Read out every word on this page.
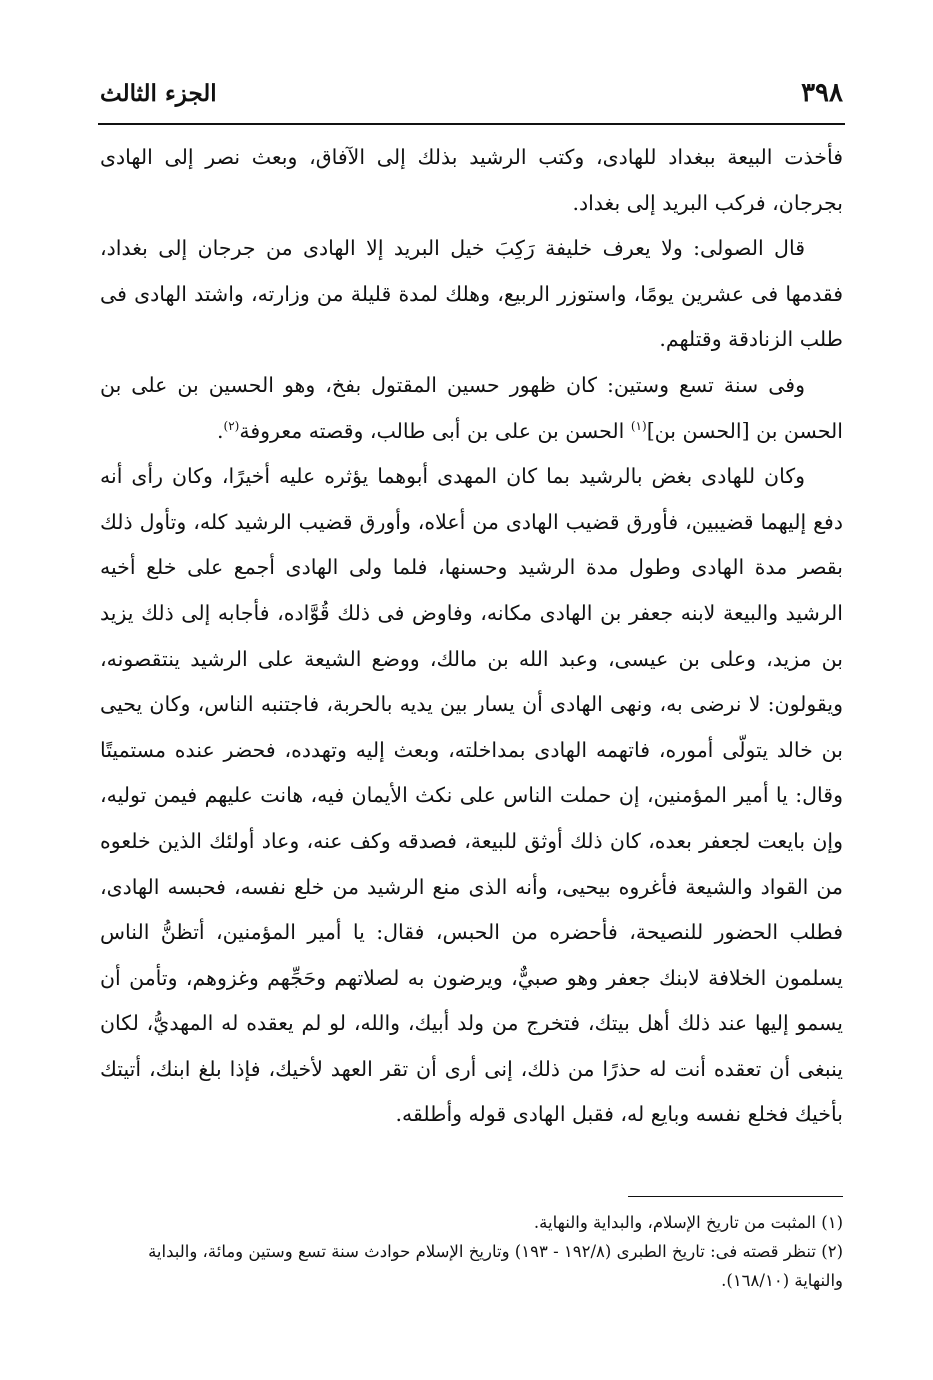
٣٩٨
الجزء الثالث

فأخذت البيعة ببغداد للهادى، وكتب الرشيد بذلك إلى الآفاق، وبعث نصر إلى الهادى بجرجان، فركب البريد إلى بغداد.

قال الصولى: ولا يعرف خليفة رَكِبَ خيل البريد إلا الهادى من جرجان إلى بغداد، فقدمها فى عشرين يومًا، واستوزر الربيع، وهلك لمدة قليلة من وزارته، واشتد الهادى فى طلب الزنادقة وقتلهم.

وفى سنة تسع وستين: كان ظهور حسين المقتول بفخ، وهو الحسين بن على بن الحسن بن [الحسن بن]$^{(١)}$ الحسن بن على بن أبى طالب، وقصته معروفة$^{(٢)}$.

وكان للهادى بغض بالرشيد بما كان المهدى أبوهما يؤثره عليه أخيرًا، وكان رأى أنه دفع إليهما قضيبين، فأورق قضيب الهادى من أعلاه، وأورق قضيب الرشيد كله، وتأول ذلك بقصر مدة الهادى وطول مدة الرشيد وحسنها، فلما ولى الهادى أجمع على خلع أخيه الرشيد والبيعة لابنه جعفر بن الهادى مكانه، وفاوض فى ذلك قُوَّاده، فأجابه إلى ذلك يزيد بن مزيد، وعلى بن عيسى، وعبد الله بن مالك، ووضع الشيعة على الرشيد ينتقصونه، ويقولون: لا نرضى به، ونهى الهادى أن يسار بين يديه بالحربة، فاجتنبه الناس، وكان يحيى بن خالد يتولّى أموره، فاتهمه الهادى بمداخلته، وبعث إليه وتهدده، فحضر عنده مستميتًا وقال: يا أمير المؤمنين، إن حملت الناس على نكث الأيمان فيه، هانت عليهم فيمن توليه، وإن بايعت لجعفر بعده، كان ذلك أوثق للبيعة، فصدقه وكف عنه، وعاد أولئك الذين خلعوه من القواد والشيعة فأغروه بيحيى، وأنه الذى منع الرشيد من خلع نفسه، فحبسه الهادى، فطلب الحضور للنصيحة، فأحضره من الحبس، فقال: يا أمير المؤمنين، أتظنُّ الناس يسلمون الخلافة لابنك جعفر وهو صبيٌّ، ويرضون به لصلاتهم وحَجِّهم وغزوهم، وتأمن أن يسمو إليها عند ذلك أهل بيتك، فتخرج من ولد أبيك، والله، لو لم يعقده له المهديُّ، لكان ينبغى أن تعقده أنت له حذرًا من ذلك، إنى أرى أن تقر العهد لأخيك، فإذا بلغ ابنك، أتيتك بأخيك فخلع نفسه وبايع له، فقبل الهادى قوله وأطلقه.

(١) المثبت من تاريخ الإسلام، والبداية والنهاية.

(٢) تنظر قصته فى: تاريخ الطبرى (١٩٢/٨ - ١٩٣) وتاريخ الإسلام حوادث سنة تسع وستين ومائة، والبداية والنهاية (١٦٨/١٠).
